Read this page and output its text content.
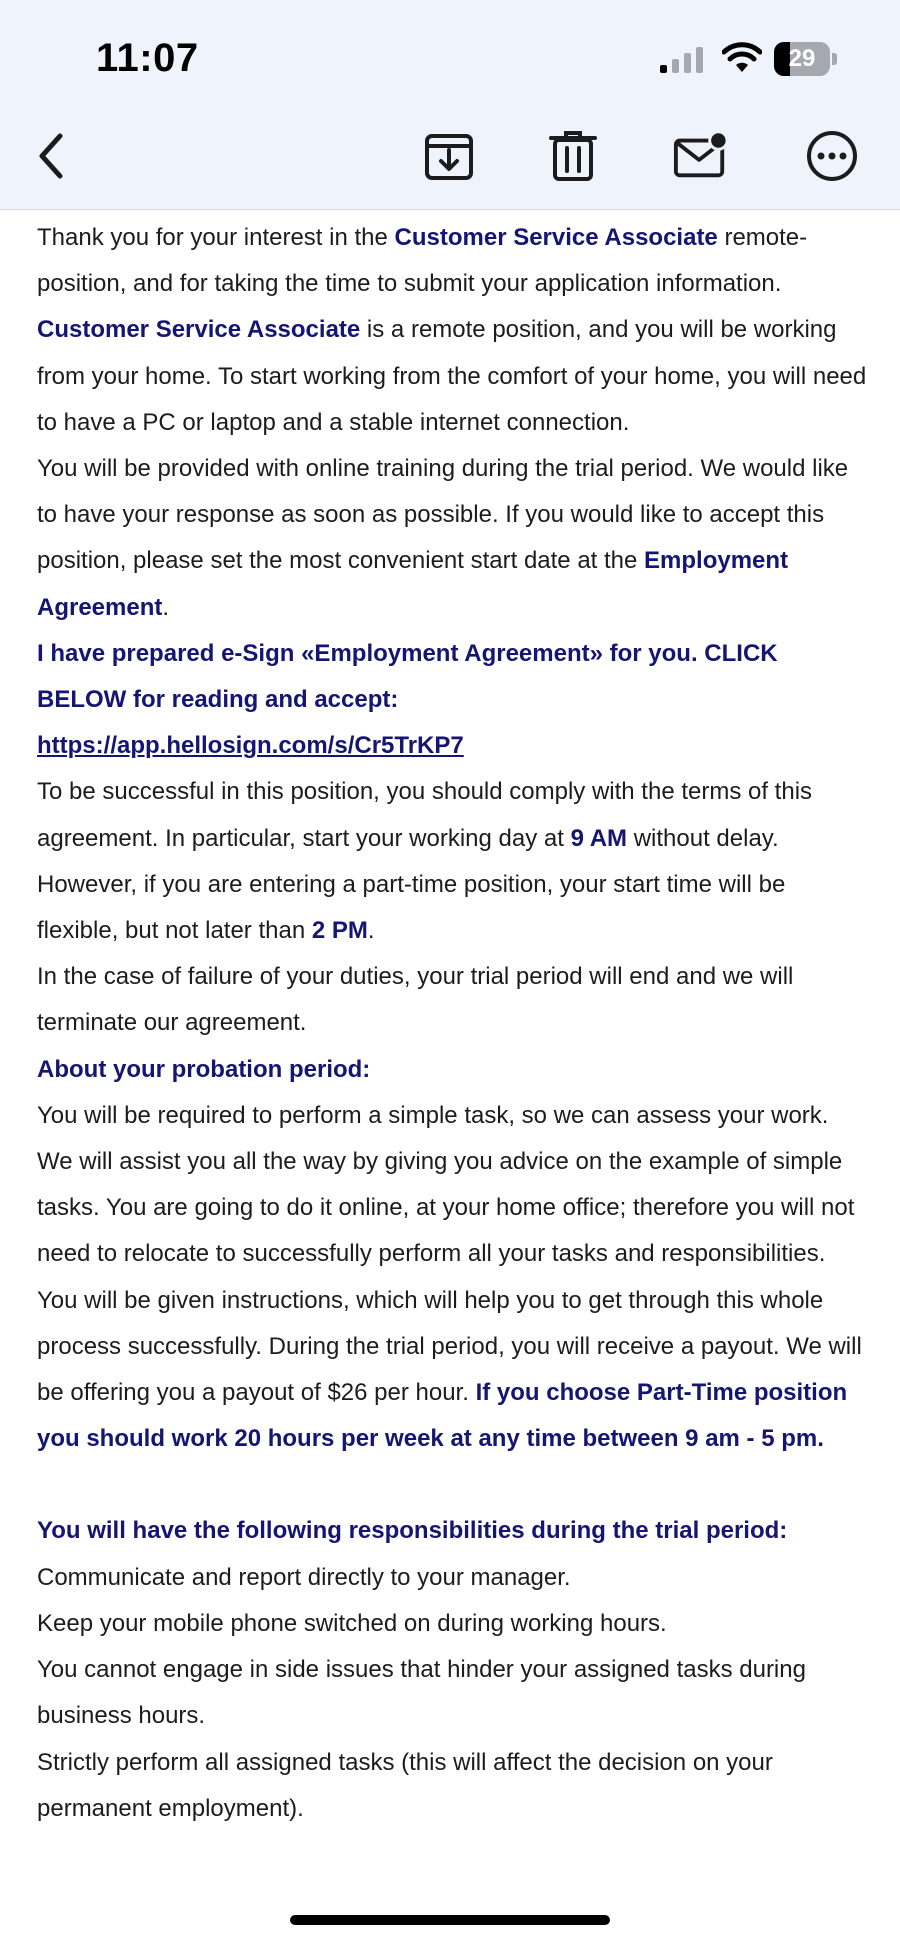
11:07	29

Thank you for your interest in the Customer Service Associate remote-position, and for taking the time to submit your application information.

Customer Service Associate is a remote position, and you will be working from your home. To start working from the comfort of your home, you will need to have a PC or laptop and a stable internet connection.

You will be provided with online training during the trial period. We would like to have your response as soon as possible. If you would like to accept this position, please set the most convenient start date at the Employment Agreement.

I have prepared e-Sign «Employment Agreement» for you. CLICK BELOW for reading and accept:

https://app.hellosign.com/s/Cr5TrKP7

To be successful in this position, you should comply with the terms of this agreement. In particular, start your working day at 9 AM without delay. However, if you are entering a part-time position, your start time will be flexible, but not later than 2 PM.

In the case of failure of your duties, your trial period will end and we will terminate our agreement.

About your probation period:

You will be required to perform a simple task, so we can assess your work. We will assist you all the way by giving you advice on the example of simple tasks. You are going to do it online, at your home office; therefore you will not need to relocate to successfully perform all your tasks and responsibilities. You will be given instructions, which will help you to get through this whole process successfully. During the trial period, you will receive a payout. We will be offering you a payout of $26 per hour. If you choose Part-Time position you should work 20 hours per week at any time between 9 am - 5 pm.

You will have the following responsibilities during the trial period:

Communicate and report directly to your manager.

Keep your mobile phone switched on during working hours.

You cannot engage in side issues that hinder your assigned tasks during business hours.

Strictly perform all assigned tasks (this will affect the decision on your permanent employment).
